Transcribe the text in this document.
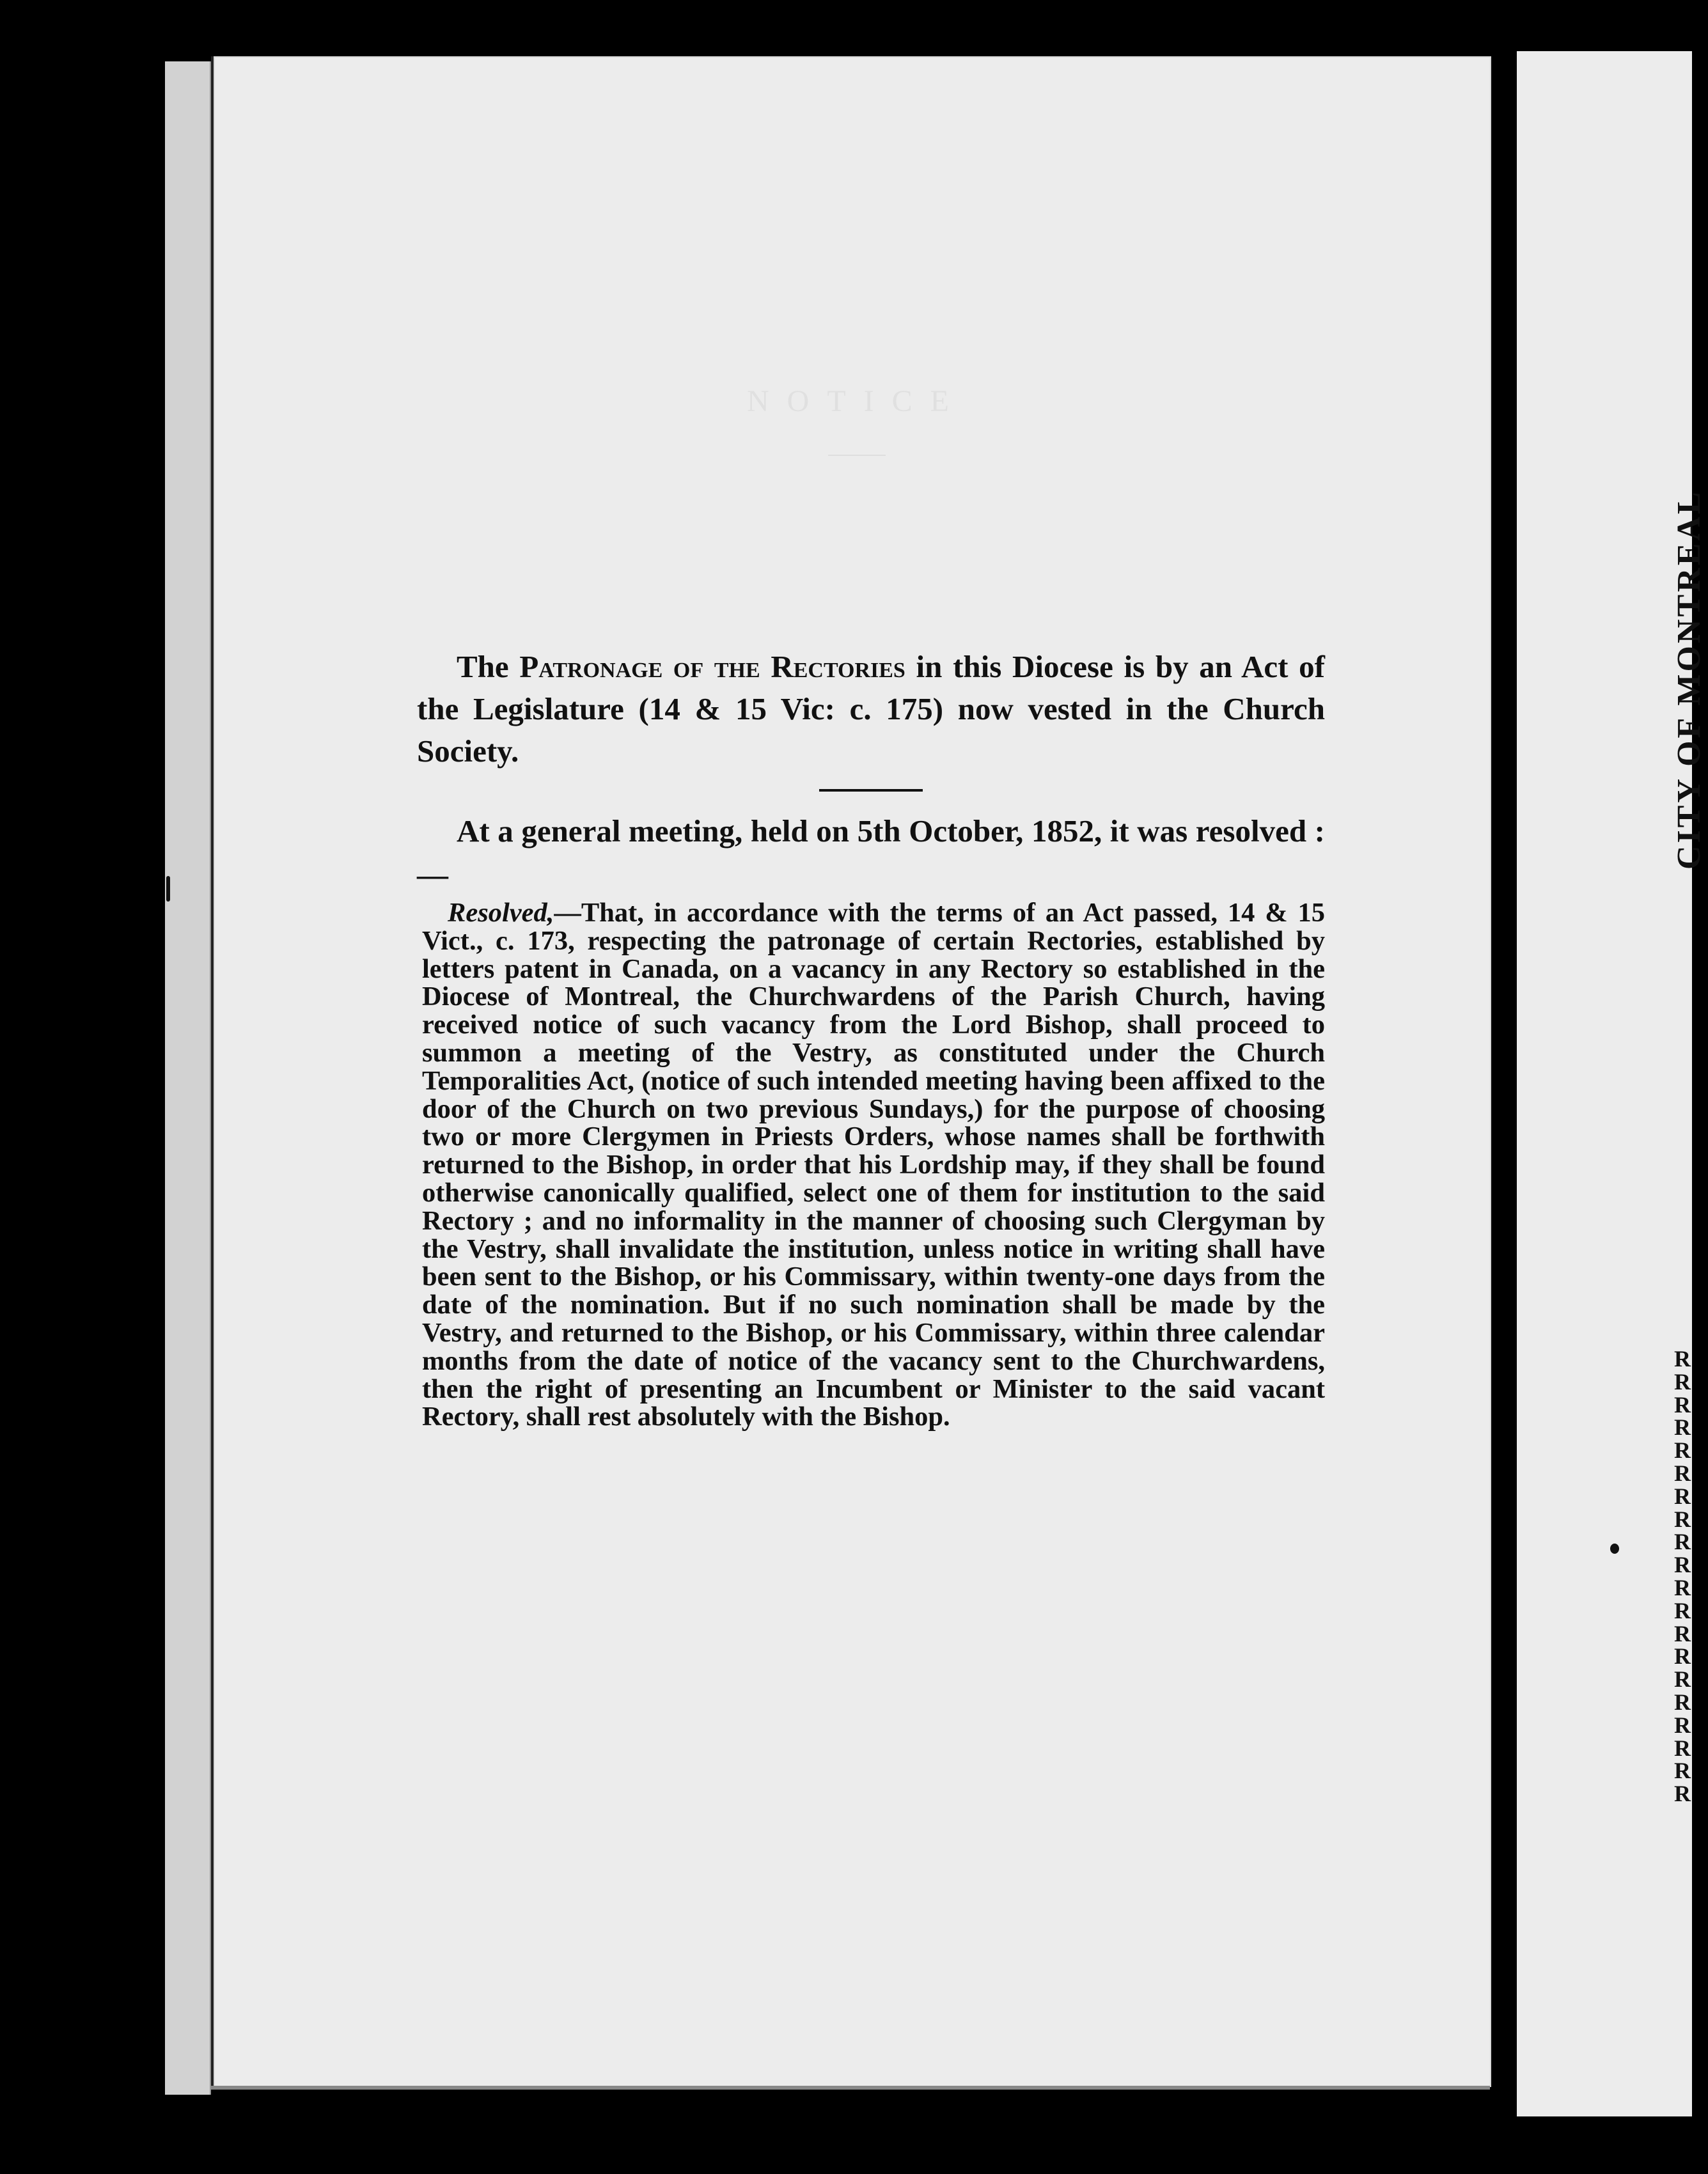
NOTICE

The Patronage of the Rectories in this Diocese is by an Act of the Legislature (14 & 15 Vic: c. 175) now vested in the Church Society.

At a general meeting, held on 5th October, 1852, it was resolved :—

Resolved,—That, in accordance with the terms of an Act passed, 14 & 15 Vict., c. 173, respecting the patronage of certain Rectories, established by letters patent in Canada, on a vacancy in any Rectory so established in the Diocese of Montreal, the Churchwardens of the Parish Church, having received notice of such vacancy from the Lord Bishop, shall proceed to summon a meeting of the Vestry, as constituted under the Church Temporalities Act, (notice of such intended meeting having been affixed to the door of the Church on two previous Sundays,) for the purpose of choosing two or more Clergymen in Priests Orders, whose names shall be forthwith returned to the Bishop, in order that his Lordship may, if they shall be found otherwise canonically qualified, select one of them for institution to the said Rectory ; and no informality in the manner of choosing such Clergyman by the Vestry, shall invalidate the institution, unless notice in writing shall have been sent to the Bishop, or his Commissary, within twenty-one days from the date of the nomination. But if no such nomination shall be made by the Vestry, and returned to the Bishop, or his Commissary, within three calendar months from the date of notice of the vacancy sent to the Churchwardens, then the right of presenting an Incumbent or Minister to the said vacant Rectory, shall rest absolutely with the Bishop.

CITY OF MONTREAL
R
R
R
R
R
R
R
R
R
R
R
R
R
R
R
R
R
R
R
R
